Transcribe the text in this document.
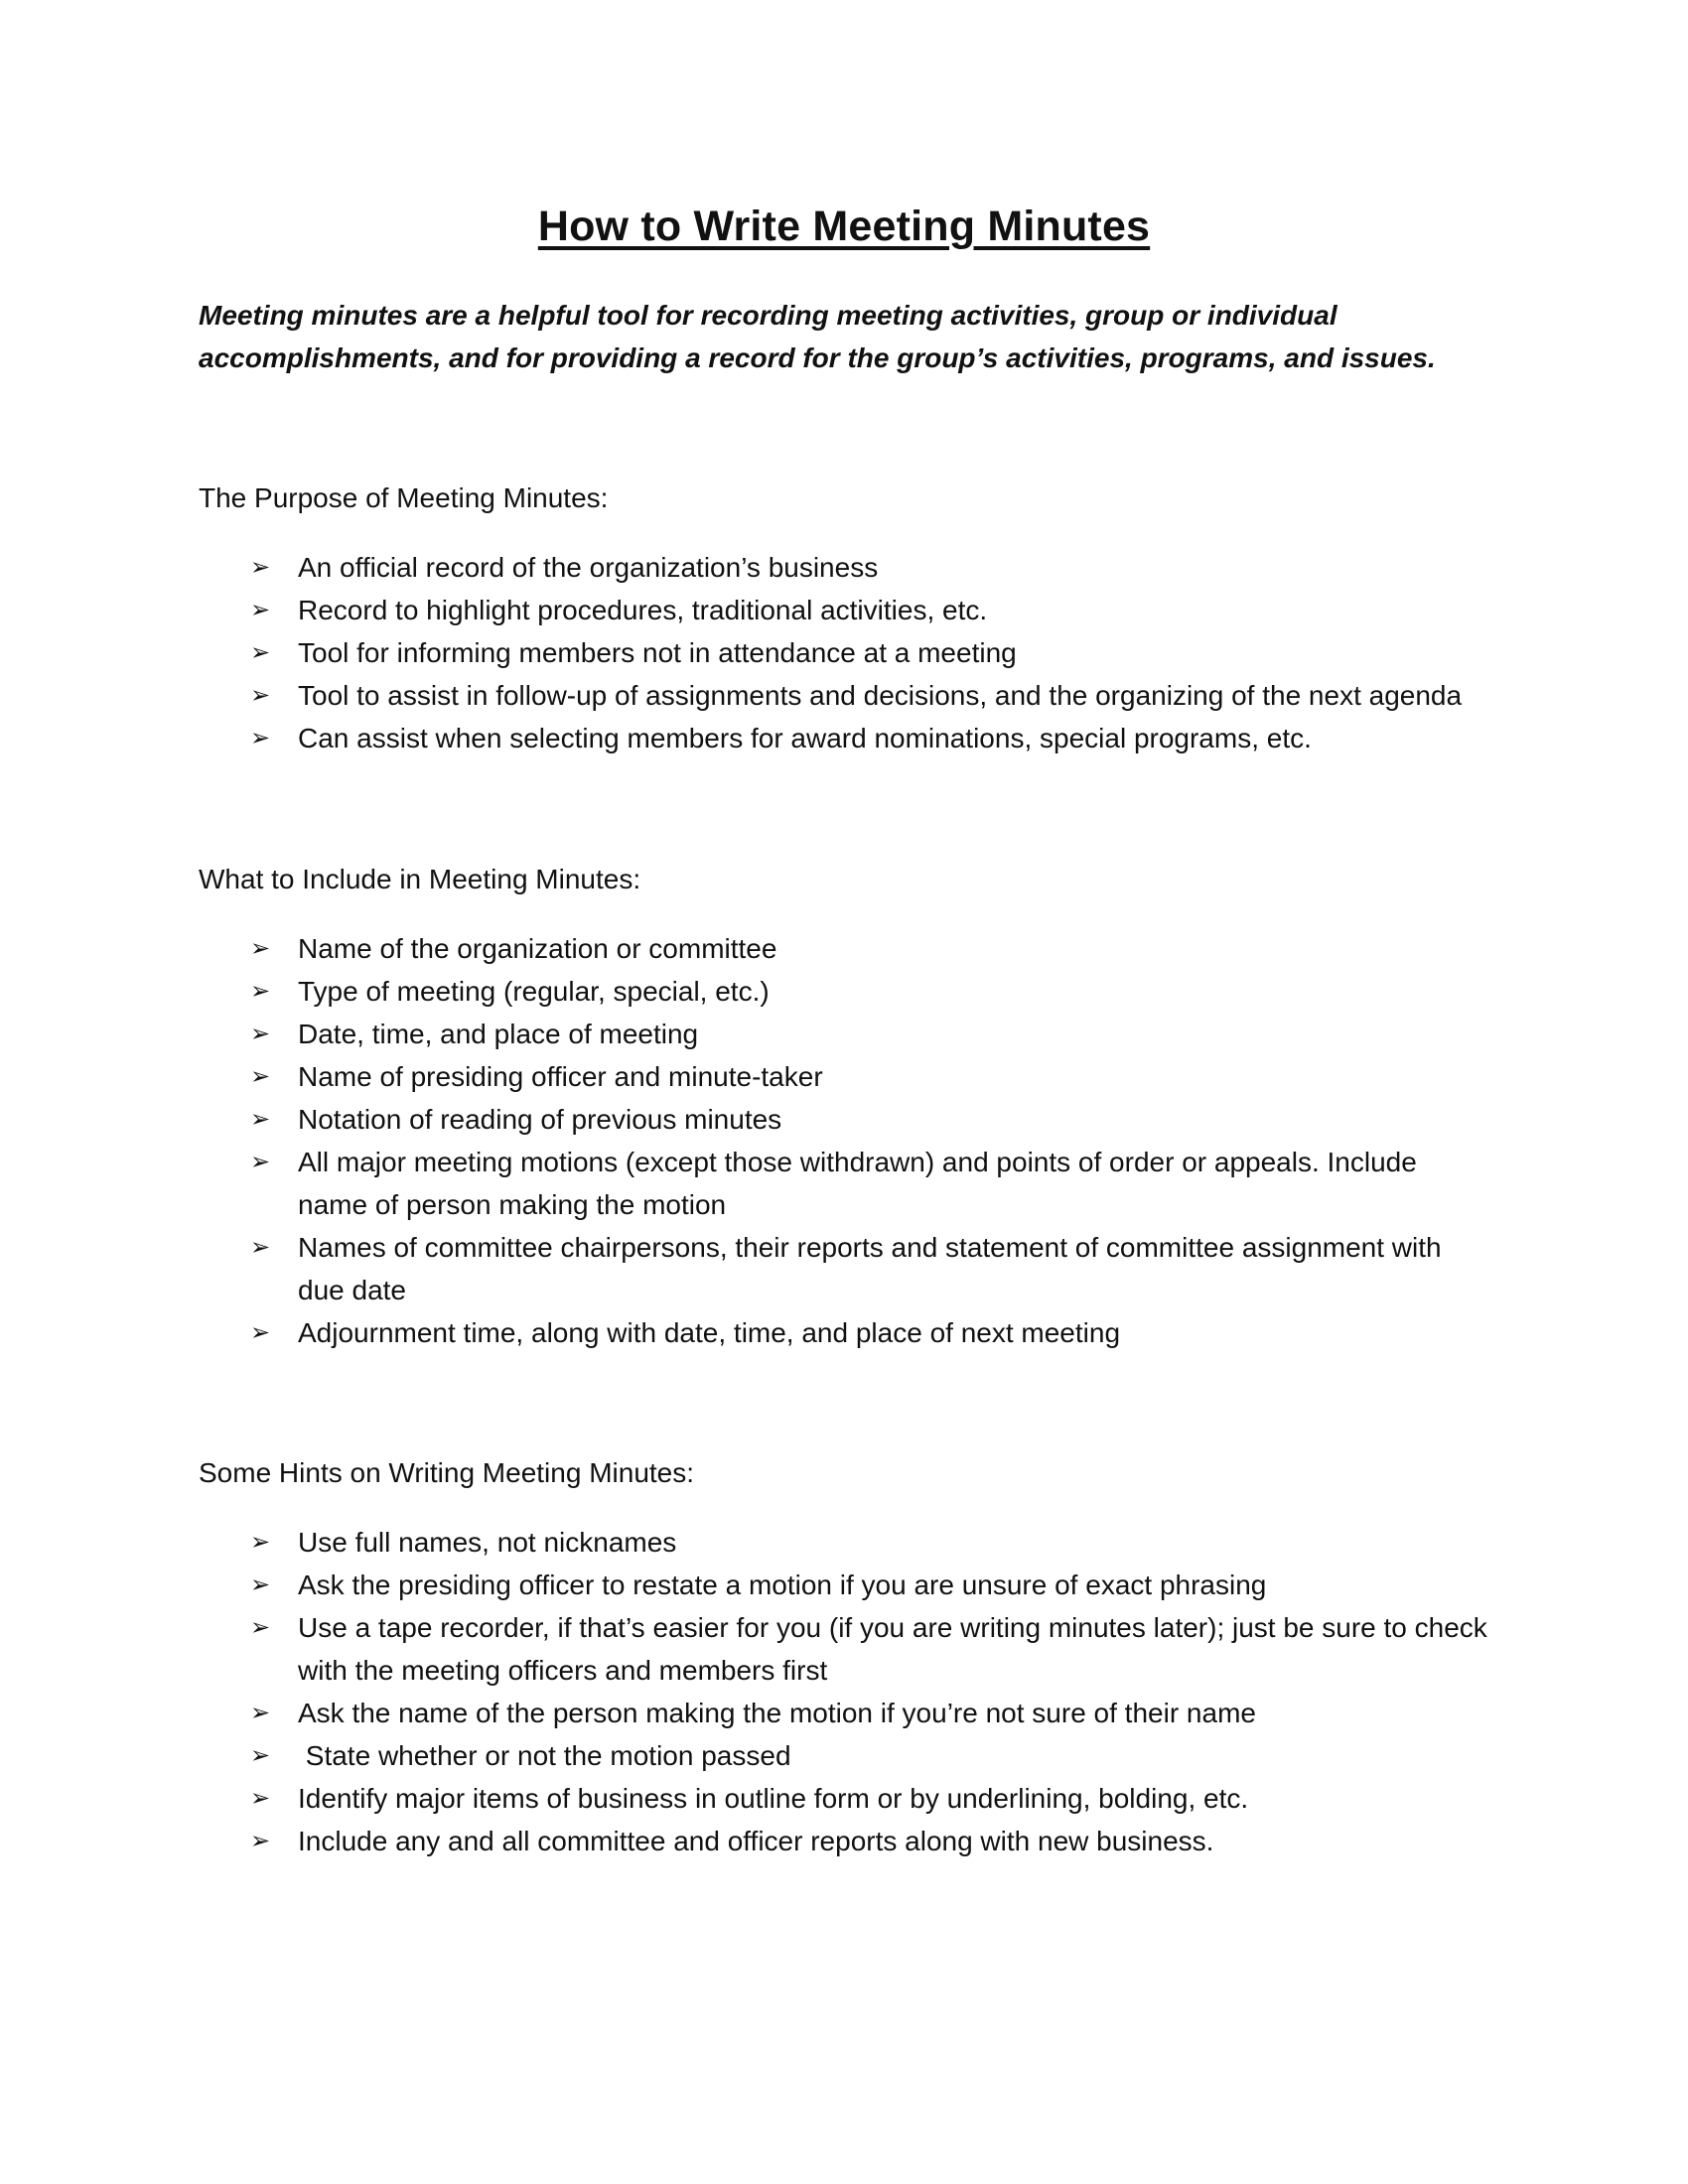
How to Write Meeting Minutes
Meeting minutes are a helpful tool for recording meeting activities, group or individual accomplishments, and for providing a record for the group’s activities, programs, and issues.
The Purpose of Meeting Minutes:
➢ An official record of the organization’s business
➢ Record to highlight procedures, traditional activities, etc.
➢ Tool for informing members not in attendance at a meeting
➢ Tool to assist in follow-up of assignments and decisions, and the organizing of the next agenda
➢ Can assist when selecting members for award nominations, special programs, etc.
What to Include in Meeting Minutes:
➢ Name of the organization or committee
➢ Type of meeting (regular, special, etc.)
➢ Date, time, and place of meeting
➢ Name of presiding officer and minute-taker
➢ Notation of reading of previous minutes
➢ All major meeting motions (except those withdrawn) and points of order or appeals. Include name of person making the motion
➢ Names of committee chairpersons, their reports and statement of committee assignment with due date
➢ Adjournment time, along with date, time, and place of next meeting
Some Hints on Writing Meeting Minutes:
➢ Use full names, not nicknames
➢ Ask the presiding officer to restate a motion if you are unsure of exact phrasing
➢ Use a tape recorder, if that’s easier for you (if you are writing minutes later); just be sure to check with the meeting officers and members first
➢ Ask the name of the person making the motion if you’re not sure of their name
➢ State whether or not the motion passed
➢ Identify major items of business in outline form or by underlining, bolding, etc.
➢ Include any and all committee and officer reports along with new business.
